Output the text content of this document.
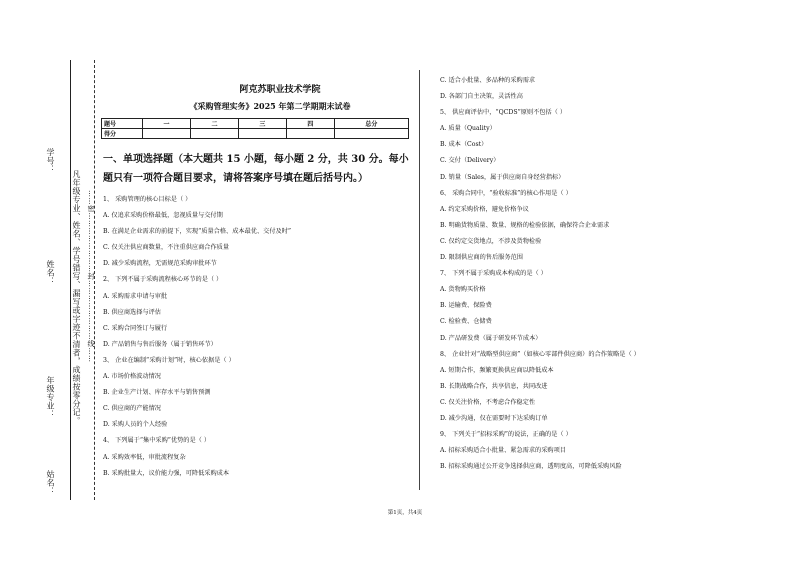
学号：
姓名：
年级专业：
姑名：
凡年级专业、姓名、学号错写、漏写或字迹不清者，成绩按零分记。 ……密……………………封……………………线……
阿克苏职业技术学院
《采购管理实务》2025 年第二学期期末试卷
题号	一	二	三	四	总分
得分					
一、单项选择题（本大题共 15 小题，每小题 2 分，共 30 分。每小题只有一项符合题目要求，请将答案序号填在题后括号内。）
1、 采购管理的核心目标是（ ）
A. 仅追求采购价格最低，忽视质量与交付期
B. 在满足企业需求的前提下，实现“质量合格、成本最优、交付及时”
C. 仅关注供应商数量，不注重供应商合作质量
D. 减少采购流程，无需规范采购审批环节
2、 下列不属于采购流程核心环节的是（ ）
A. 采购需求申请与审批
B. 供应商选择与评估
C. 采购合同签订与履行
D. 产品销售与售后服务（属于销售环节）
3、 企业在编制“采购计划”时，核心依据是（ ）
A. 市场价格波动情况
B. 企业生产计划、库存水平与销售预测
C. 供应商的产能情况
D. 采购人员的个人经验
4、 下列属于“集中采购”优势的是（ ）
A. 采购效率低，审批流程复杂
B. 采购批量大，议价能力强，可降低采购成本
C. 适合小批量、多品种的采购需求
D. 各部门自主决策，灵活性高
5、 供应商评估中，“QCDS”原则不包括（ ）
A. 质量（Quality）
B. 成本（Cost）
C. 交付（Delivery）
D. 销量（Sales，属于供应商自身经营指标）
6、 采购合同中，“验收标准”的核心作用是（ ）
A. 约定采购价格，避免价格争议
B. 明确货物质量、数量、规格的检验依据，确保符合企业需求
C. 仅约定交货地点，不涉及货物检验
D. 限制供应商的售后服务范围
7、 下列不属于采购成本构成的是（ ）
A. 货物购买价格
B. 运输费、保险费
C. 检验费、仓储费
D. 产品研发费（属于研发环节成本）
8、 企业针对“战略型供应商”（如核心零部件供应商）的合作策略是（ ）
A. 短期合作，频繁更换供应商以降低成本
B. 长期战略合作，共享信息，共同改进
C. 仅关注价格，不考虑合作稳定性
D. 减少沟通，仅在需要时下达采购订单
9、 下列关于“招标采购”的说法，正确的是（ ）
A. 招标采购适合小批量、紧急需求的采购项目
B. 招标采购通过公开竞争选择供应商，透明度高，可降低采购风险
第1页，共4页
